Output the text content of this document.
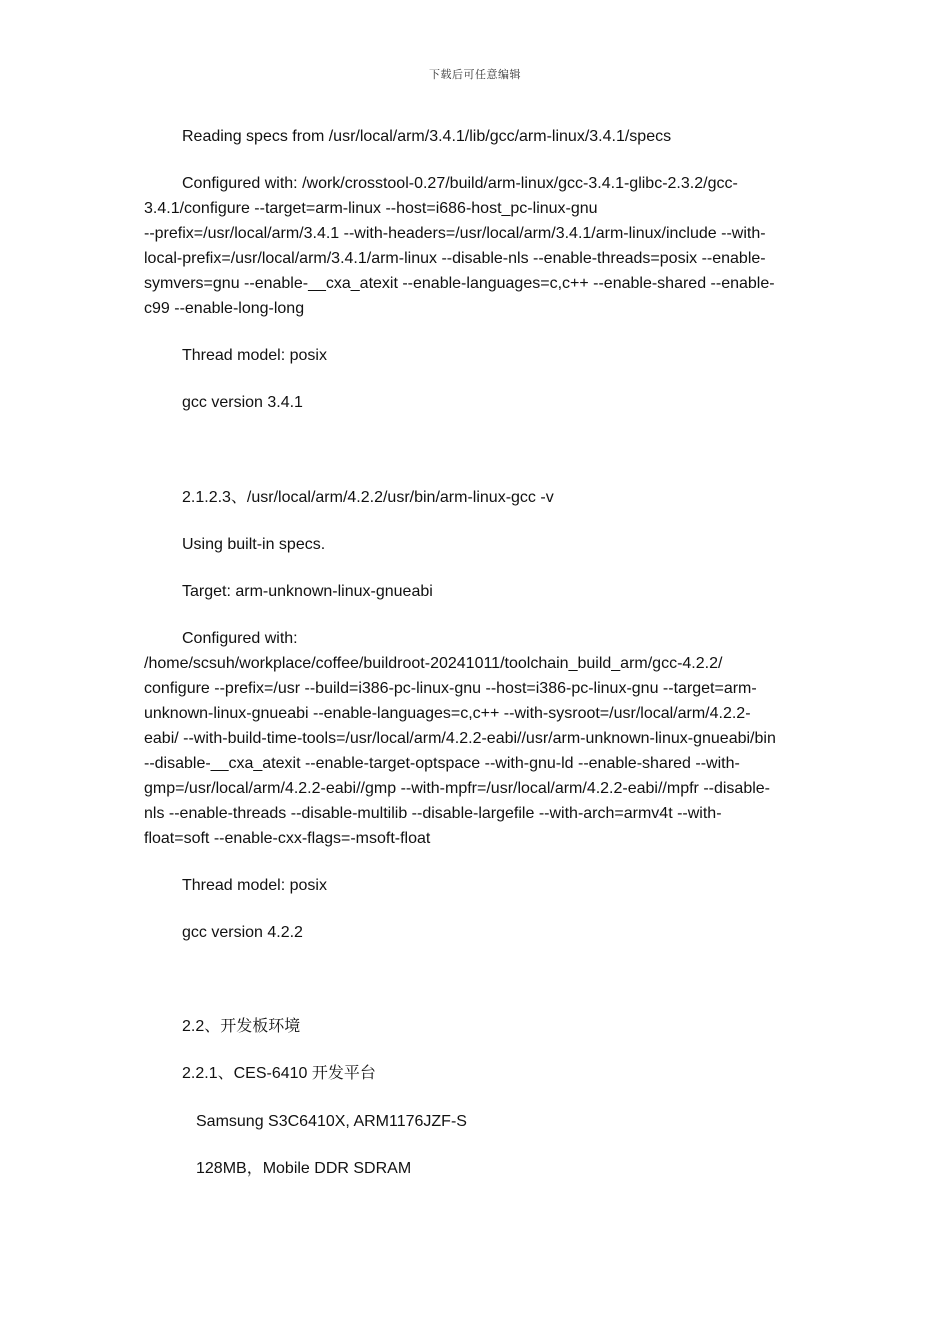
下载后可任意编辑

Reading specs from /usr/local/arm/3.4.1/lib/gcc/arm-linux/3.4.1/specs

Configured with: /work/crosstool-0.27/build/arm-linux/gcc-3.4.1-glibc-2.3.2/gcc-
3.4.1/configure --target=arm-linux --host=i686-host_pc-linux-gnu
--prefix=/usr/local/arm/3.4.1 --with-headers=/usr/local/arm/3.4.1/arm-linux/include --with-
local-prefix=/usr/local/arm/3.4.1/arm-linux --disable-nls --enable-threads=posix --enable-
symvers=gnu --enable-__cxa_atexit --enable-languages=c,c++ --enable-shared --enable-
c99 --enable-long-long

Thread model: posix

gcc version 3.4.1

2.1.2.3、/usr/local/arm/4.2.2/usr/bin/arm-linux-gcc -v

Using built-in specs.

Target: arm-unknown-linux-gnueabi

Configured with:
/home/scsuh/workplace/coffee/buildroot-20241011/toolchain_build_arm/gcc-4.2.2/
configure --prefix=/usr --build=i386-pc-linux-gnu --host=i386-pc-linux-gnu --target=arm-
unknown-linux-gnueabi --enable-languages=c,c++ --with-sysroot=/usr/local/arm/4.2.2-
eabi/ --with-build-time-tools=/usr/local/arm/4.2.2-eabi//usr/arm-unknown-linux-gnueabi/bin
--disable-__cxa_atexit --enable-target-optspace --with-gnu-ld --enable-shared --with-
gmp=/usr/local/arm/4.2.2-eabi//gmp --with-mpfr=/usr/local/arm/4.2.2-eabi//mpfr --disable-
nls --enable-threads --disable-multilib --disable-largefile --with-arch=armv4t --with-
float=soft --enable-cxx-flags=-msoft-float

Thread model: posix

gcc version 4.2.2

2.2、开发板环境

2.2.1、CES-6410 开发平台

Samsung S3C6410X, ARM1176JZF-S

128MB，Mobile DDR SDRAM
